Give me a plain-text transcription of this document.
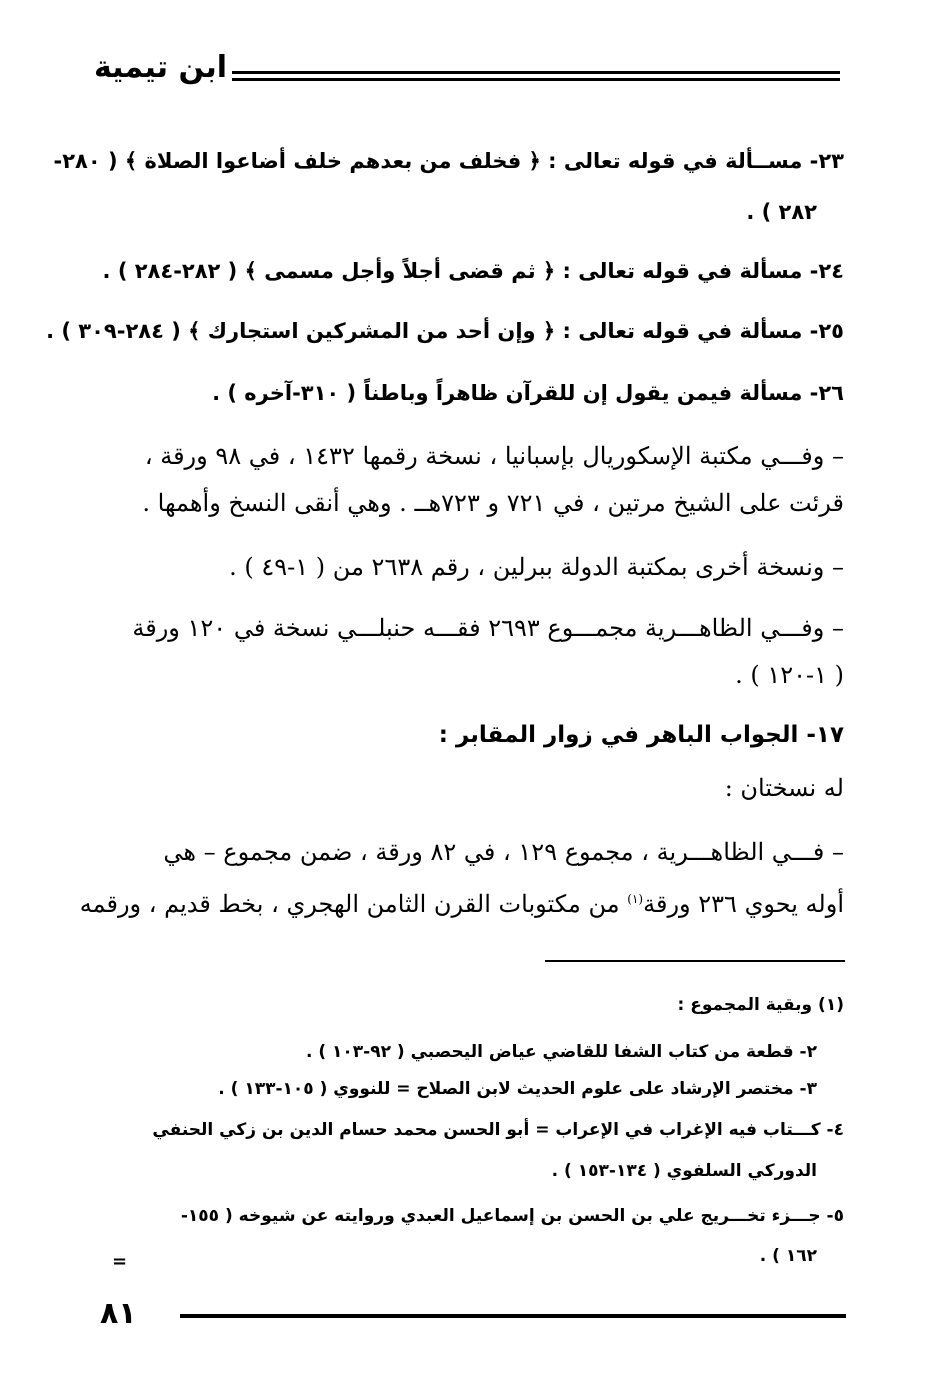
ابن تيمية
٢٣- مســألة في قوله تعالى : ﴿ فخلف من بعدهم خلف أضاعوا الصلاة ﴾ ( ٢٨٠-
٢٨٢ ) .
٢٤- مسألة في قوله تعالى : ﴿ ثم قضى أجلاً وأجل مسمى ﴾ ( ٢٨٢-٢٨٤ ) .
٢٥- مسألة في قوله تعالى : ﴿ وإن أحد من المشركين استجارك ﴾ ( ٢٨٤-٣٠٩ ) .
٢٦- مسألة فيمن يقول إن للقرآن ظاهراً وباطناً ( ٣١٠-آخره ) .
– وفـــي مكتبة الإسكوريال بإسبانيا ، نسخة رقمها ١٤٣٢ ، في ٩٨ ورقة ،
قرئت على الشيخ مرتين ، في ٧٢١ و ٧٢٣هــ . وهي أنقى النسخ وأهمها .
– ونسخة أخرى بمكتبة الدولة ببرلين ، رقم ٢٦٣٨ من ( ١-٤٩ ) .
– وفـــي الظاهـــرية مجمـــوع ٢٦٩٣ فقـــه حنبلـــي نسخة في ١٢٠ ورقة
( ١-١٢٠ ) .
١٧- الجواب الباهر في زوار المقابر :
له نسختان :
– فـــي الظاهـــرية ، مجموع ١٢٩ ، في ٨٢ ورقة ، ضمن مجموع – هي
أوله يحوي ٢٣٦ ورقة$^{(١)}$ من مكتوبات القرن الثامن الهجري ، بخط قديم ، ورقمه
(١) وبقية المجموع :
٢- قطعة من كتاب الشفا للقاضي عياض اليحصبي ( ٩٢-١٠٣ ) .
٣- مختصر الإرشاد على علوم الحديث لابن الصلاح = للنووي ( ١٠٥-١٣٣ ) .
٤- كـــتاب فيه الإغراب في الإعراب = أبو الحسن محمد حسام الدين بن زكي الحنفي
الدوركي السلفوي ( ١٣٤-١٥٣ ) .
٥- جـــزء تخـــريج علي بن الحسن بن إسماعيل العبدي وروايته عن شيوخه ( ١٥٥-
١٦٢ ) .
=
٨١
